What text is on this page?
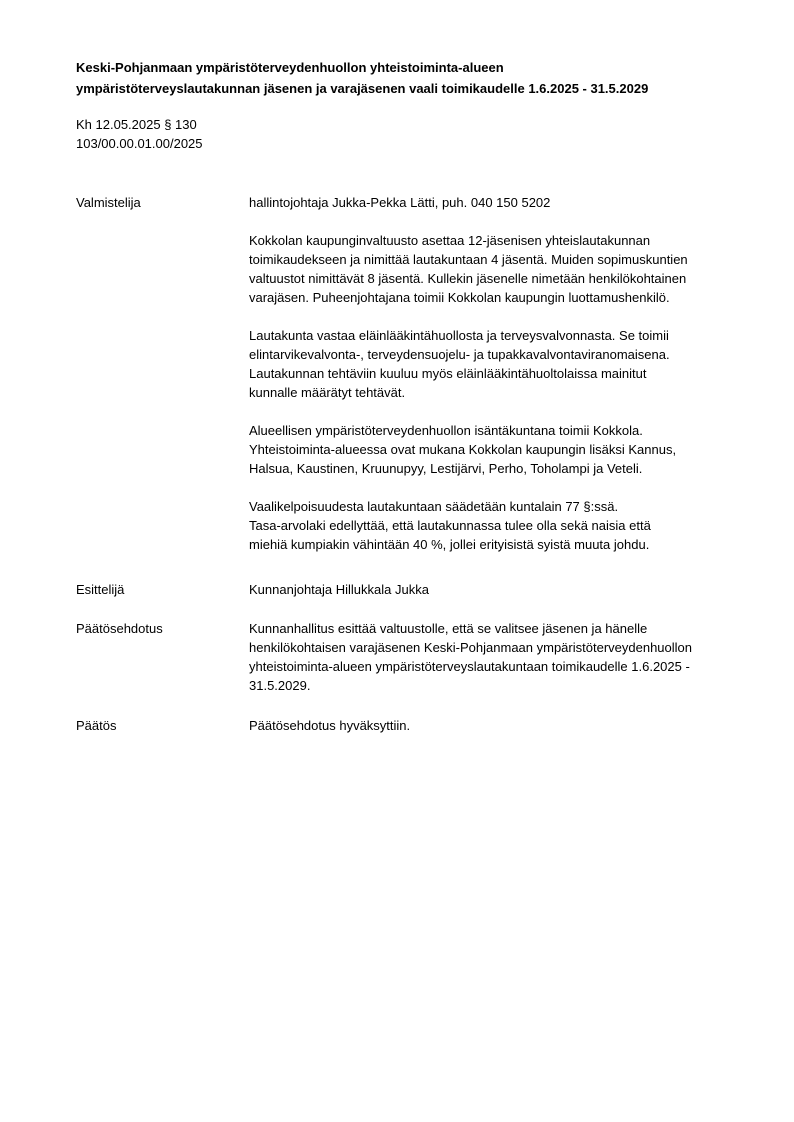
Keski-Pohjanmaan ympäristöterveydenhuollon yhteistoiminta-alueen
ympäristöterveyslautakunnan jäsenen ja varajäsenen vaali toimikaudelle 1.6.2025 - 31.5.2029
Kh 12.05.2025 § 130
103/00.00.01.00/2025
Valmistelija	hallintojohtaja Jukka-Pekka Lätti, puh. 040 150 5202

Kokkolan kaupunginvaltuusto asettaa 12-jäsenisen yhteislautakunnan
toimikaudekseen ja nimittää lautakuntaan 4 jäsentä. Muiden sopimuskuntien
valtuustot nimittävät 8 jäsentä. Kullekin jäsenelle nimetään henkilökohtainen
varajäsen. Puheenjohtajana toimii Kokkolan kaupungin luottamushenkilö.

Lautakunta vastaa eläinlääkintähuollosta ja terveysvalvonnasta. Se toimii
elintarvikevalvonta-, terveydensuojelu- ja tupakkavalvontaviranomaisena.
Lautakunnan tehtäviin kuuluu myös eläinlääkintähuoltolaissa mainitut
kunnalle määrätyt tehtävät.

Alueellisen ympäristöterveydenhuollon isäntäkuntana toimii Kokkola.
Yhteistoiminta-alueessa ovat mukana Kokkolan kaupungin lisäksi Kannus,
Halsua, Kaustinen, Kruunupyy, Lestijärvi, Perho, Toholampi ja Veteli.

Vaalikelpoisuudesta lautakuntaan säädetään kuntalain 77 §:ssä.
Tasa-arvolaki edellyttää, että lautakunnassa tulee olla sekä naisia että
miehiä kumpiakin vähintään 40 %, jollei erityisistä syistä muuta johdu.

Esittelijä	Kunnanjohtaja Hillukkala Jukka

Päätösehdotus	Kunnanhallitus esittää valtuustolle, että se valitsee jäsenen ja hänelle
henkilökohtaisen varajäsenen Keski-Pohjanmaan ympäristöterveydenhuollon
yhteistoiminta-alueen ympäristöterveyslautakuntaan toimikaudelle 1.6.2025 -
31.5.2029.

Päätös	Päätösehdotus hyväksyttiin.
